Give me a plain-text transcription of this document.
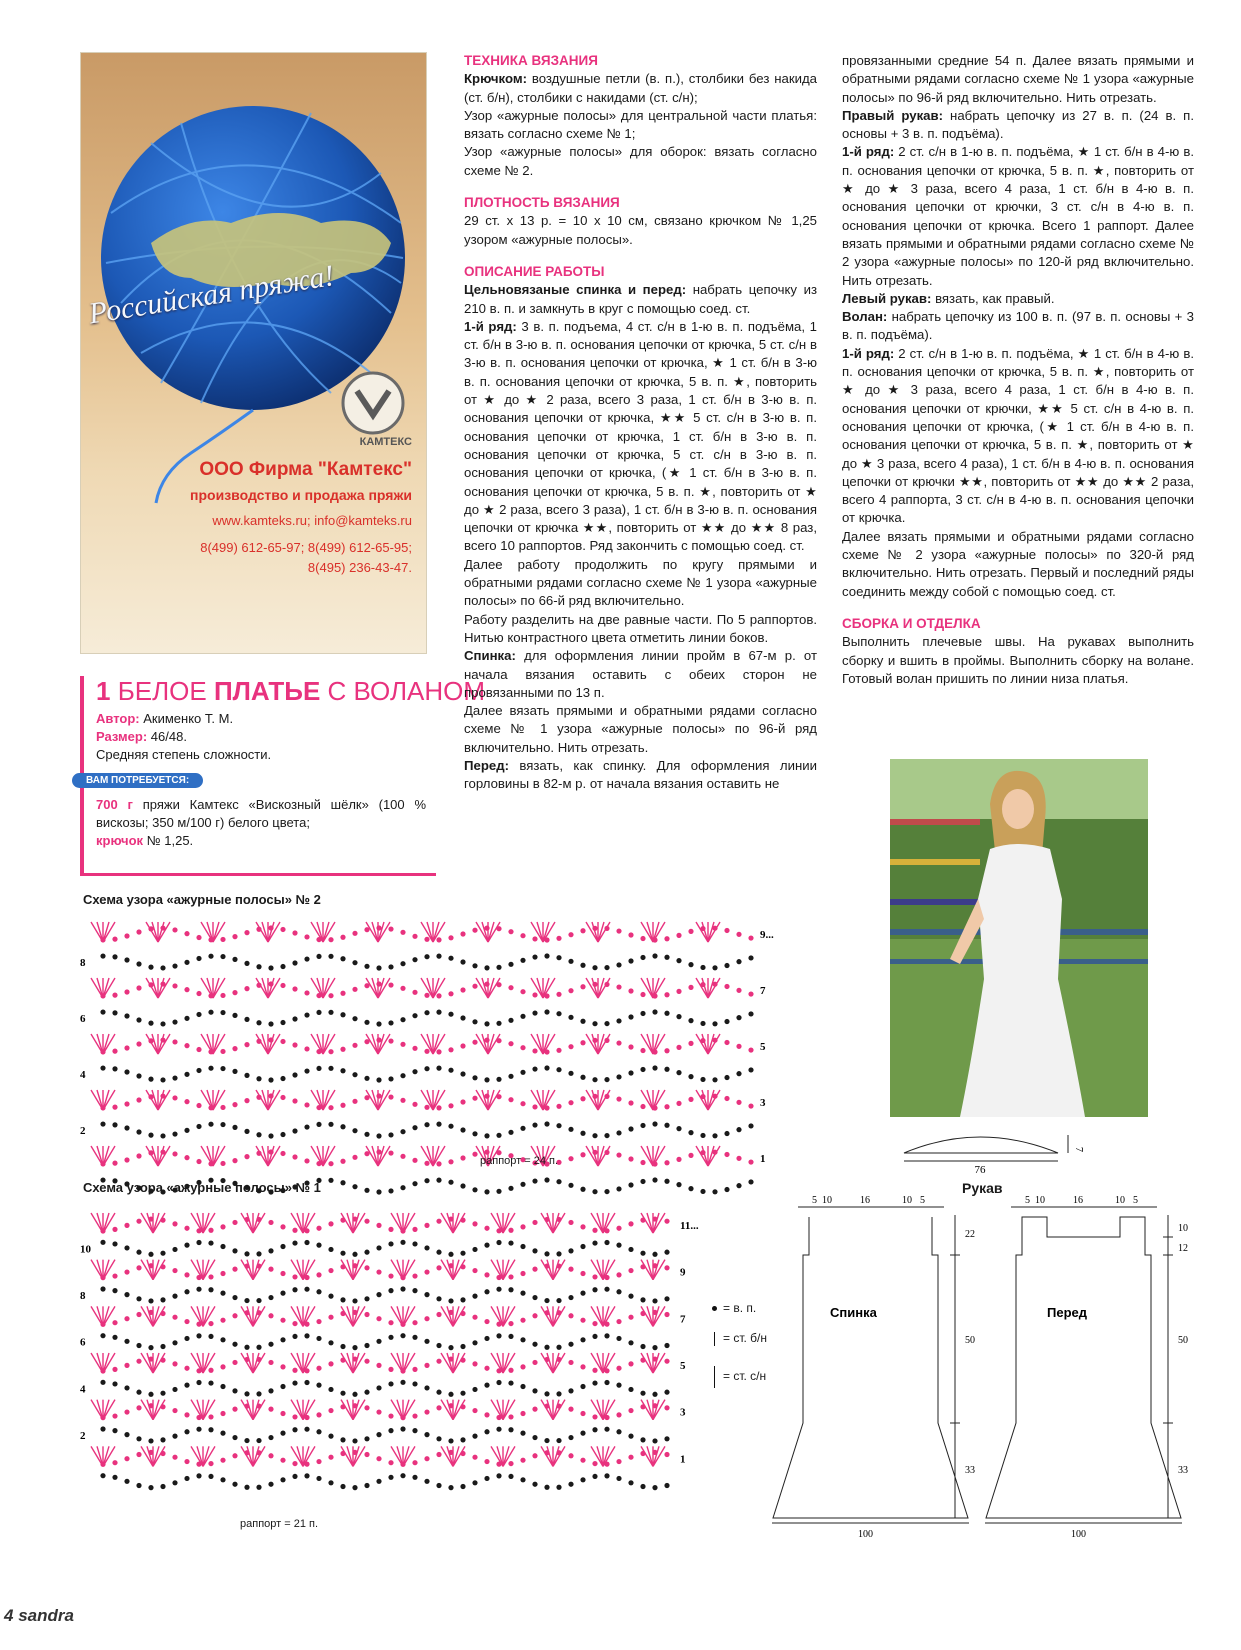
Российская пряжа!
КАМТЕКС
ООО Фирма "Камтекс"
производство и продажа пряжи
www.kamteks.ru; info@kamteks.ru
8(499) 612-65-97; 8(499) 612-65-95;
8(495) 236-43-47.
1 БЕЛОЕ ПЛАТЬЕ С ВОЛАНОМ
Автор: Акименко Т. М.
Размер: 46/48.
Средняя степень сложности.
ВАМ ПОТРЕБУЕТСЯ:
700 г пряжи Камтекс «Вискозный шёлк» (100 % вискозы; 350 м/100 г) белого цвета;
крючок № 1,25.
ТЕХНИКА ВЯЗАНИЯ

Крючком: воздушные петли (в. п.), столбики без накида (ст. б/н), столбики с накидами (ст. с/н);

Узор «ажурные полосы» для центральной части платья: вязать согласно схеме № 1;

Узор «ажурные полосы» для оборок: вязать согласно схеме № 2.

ПЛОТНОСТЬ ВЯЗАНИЯ

29 ст. х 13 р. = 10 х 10 см, связано крючком № 1,25 узором «ажурные полосы».

ОПИСАНИЕ РАБОТЫ

Цельновязаные спинка и перед: набрать цепочку из 210 в. п. и замкнуть в круг с помощью соед. ст.

1-й ряд: 3 в. п. подъема, 4 ст. с/н в 1-ю в. п. подъёма, 1 ст. б/н в 3-ю в. п. основания цепочки от крючка, 5 ст. с/н в 3-ю в. п. основания цепочки от крючка, ★ 1 ст. б/н в 3-ю в. п. основания цепочки от крючка, 5 в. п. ★, повторить от ★ до ★ 2 раза, всего 3 раза, 1 ст. б/н в 3-ю в. п. основания цепочки от крючка, ★★ 5 ст. с/н в 3-ю в. п. основания цепочки от крючка, 1 ст. б/н в 3-ю в. п. основания цепочки от крючка, 5 ст. с/н в 3-ю в. п. основания цепочки от крючка, (★ 1 ст. б/н в 3-ю в. п. основания цепочки от крючка, 5 в. п. ★, повторить от ★ до ★ 2 раза, всего 3 раза), 1 ст. б/н в 3-ю в. п. основания цепочки от крючка ★★, повторить от ★★ до ★★ 8 раз, всего 10 раппортов. Ряд закончить с помощью соед. ст.

Далее работу продолжить по кругу прямыми и обратными рядами согласно схеме № 1 узора «ажурные полосы» по 66-й ряд включительно.

Работу разделить на две равные части. По 5 раппортов. Нитью контрастного цвета отметить линии боков.

Спинка: для оформления линии пройм в 67-м р. от начала вязания оставить с обеих сторон не провязанными по 13 п.

Далее вязать прямыми и обратными рядами согласно схеме № 1 узора «ажурные полосы» по 96-й ряд включительно. Нить отрезать.

Перед: вязать, как спинку. Для оформления линии горловины в 82-м р. от начала вязания оставить не

провязанными средние 54 п. Далее вязать прямыми и обратными рядами согласно схеме № 1 узора «ажурные полосы» по 96-й ряд включительно. Нить отрезать.

Правый рукав: набрать цепочку из 27 в. п. (24 в. п. основы + 3 в. п. подъёма).

1-й ряд: 2 ст. с/н в 1-ю в. п. подъёма, ★ 1 ст. б/н в 4-ю в. п. основания цепочки от крючка, 5 в. п. ★, повторить от ★ до ★ 3 раза, всего 4 раза, 1 ст. б/н в 4-ю в. п. основания цепочки от крючки, 3 ст. с/н в 4-ю в. п. основания цепочки от крючка. Всего 1 раппорт. Далее вязать прямыми и обратными рядами согласно схеме № 2 узора «ажурные полосы» по 120-й ряд включительно. Нить отрезать.

Левый рукав: вязать, как правый.

Волан: набрать цепочку из 100 в. п. (97 в. п. основы + 3 в. п. подъёма).

1-й ряд: 2 ст. с/н в 1-ю в. п. подъёма, ★ 1 ст. б/н в 4-ю в. п. основания цепочки от крючка, 5 в. п. ★, повторить от ★ до ★ 3 раза, всего 4 раза, 1 ст. б/н в 4-ю в. п. основания цепочки от крючки, ★★ 5 ст. с/н в 4-ю в. п. основания цепочки от крючка, (★ 1 ст. б/н в 4-ю в. п. основания цепочки от крючка, 5 в. п. ★, повторить от ★ до ★ 3 раза, всего 4 раза), 1 ст. б/н в 4-ю в. п. основания цепочки от крючки ★★, повторить от ★★ до ★★ 2 раза, всего 4 раппорта, 3 ст. с/н в 4-ю в. п. основания цепочки от крючка.

Далее вязать прямыми и обратными рядами согласно схеме № 2 узора «ажурные полосы» по 320-й ряд включительно. Нить отрезать. Первый и последний ряды соединить между собой с помощью соед. ст.

СБОРКА И ОТДЕЛКА

Выполнить плечевые швы. На рукавах выполнить сборку и вшить в проймы. Выполнить сборку на волане. Готовый волан пришить по линии низа платья.

76
7
Рукав
5 10	16	10 5
22
50
33
100
5 10	16	10 5
10
12
50
33
100
Спинка	Перед
Схема узора «ажурные полосы» № 2
8
6
4
2
9...
7
5
3
1
раппорт = 24 п.
Схема узора «ажурные полосы» № 1
10
8
6
4
2
11...
9
7
5
3
1
раппорт = 21 п.
= в. п.
= ст. б/н
= ст. с/н
4 sandra
